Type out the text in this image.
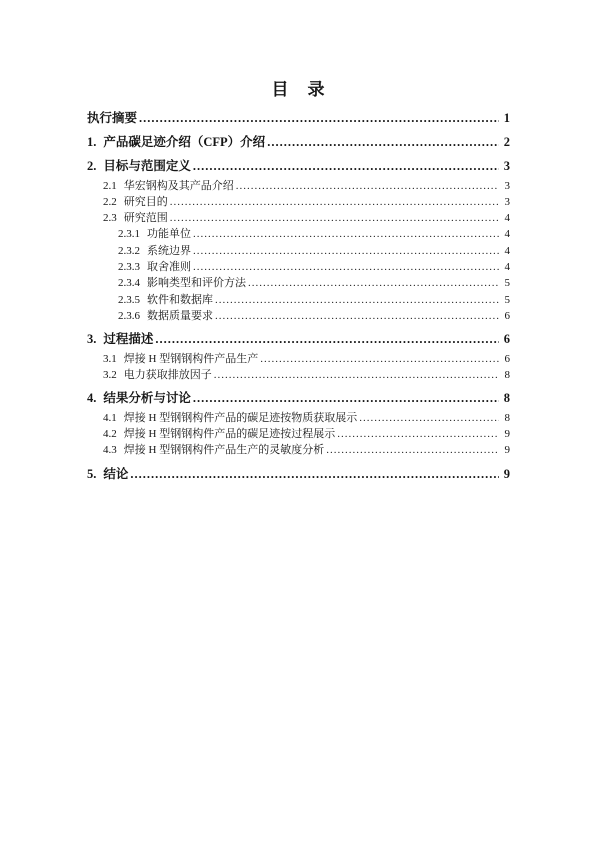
目　录
执行摘要 .....	1
1. 产品碳足迹介绍（CFP）介绍 .....	2
2. 目标与范围定义 .....	3
2.1 华宏钢构及其产品介绍 .....	3
2.2 研究目的 .....	3
2.3 研究范围 .....	4
2.3.1 功能单位 .....	4
2.3.2 系统边界 .....	4
2.3.3 取舍准则 .....	4
2.3.4 影响类型和评价方法 .....	5
2.3.5 软件和数据库 .....	5
2.3.6 数据质量要求 .....	6
3. 过程描述 .....	6
3.1 焊接 H 型钢钢构件产品生产 .....	6
3.2 电力获取排放因子 .....	8
4. 结果分析与讨论 .....	8
4.1 焊接 H 型钢钢构件产品的碳足迹按物质获取展示 .....	8
4.2 焊接 H 型钢钢构件产品的碳足迹按过程展示 .....	9
4.3 焊接 H 型钢钢构件产品生产的灵敏度分析 .....	9
5. 结论 .....	9
